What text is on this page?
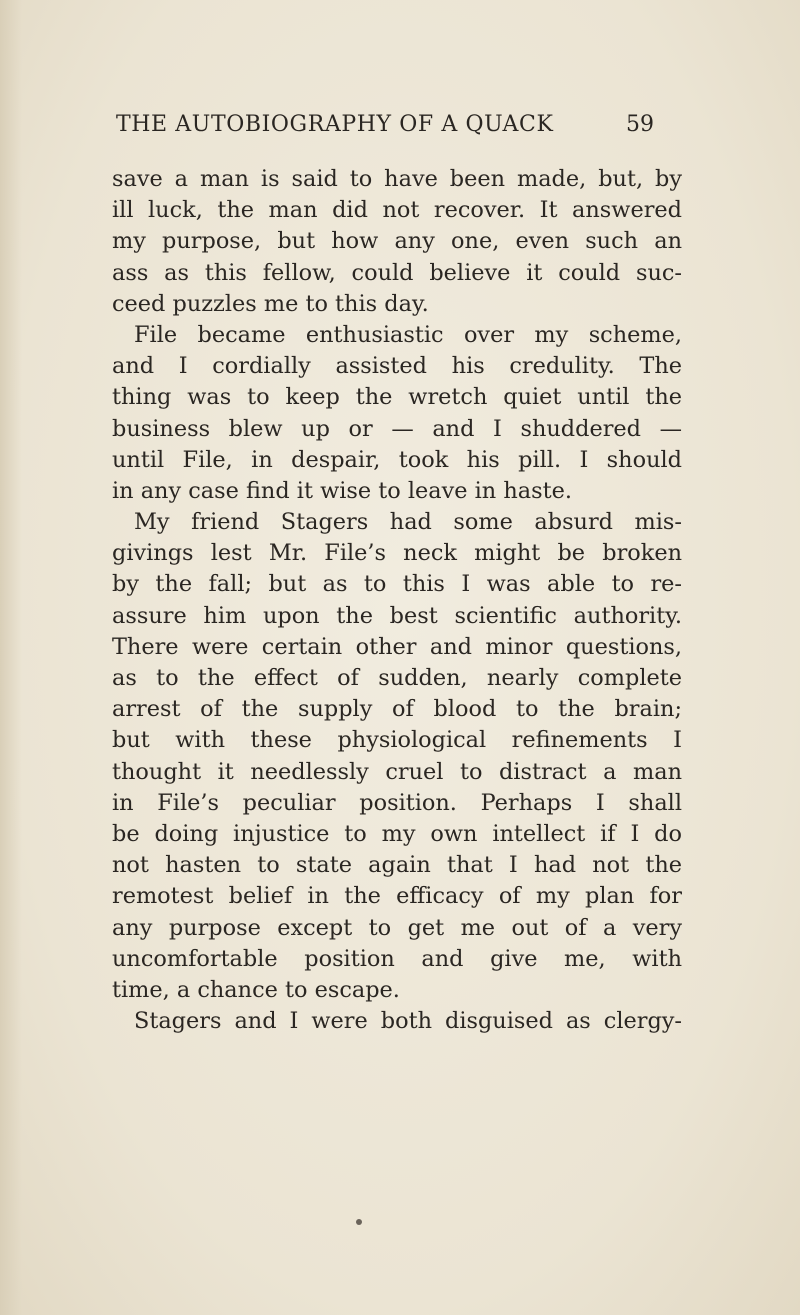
THE AUTOBIOGRAPHY OF A QUACK	59
save a man is said to have been made, but, by
ill luck, the man did not recover. It answered
my purpose, but how any one, even such an
ass as this fellow, could believe it could suc-
ceed puzzles me to this day.
File became enthusiastic over my scheme,
and I cordially assisted his credulity. The
thing was to keep the wretch quiet until the
business blew up or — and I shuddered —
until File, in despair, took his pill. I should
in any case find it wise to leave in haste.
My friend Stagers had some absurd mis-
givings lest Mr. File’s neck might be broken
by the fall; but as to this I was able to re-
assure him upon the best scientific authority.
There were certain other and minor questions,
as to the effect of sudden, nearly complete
arrest of the supply of blood to the brain;
but with these physiological refinements I
thought it needlessly cruel to distract a man
in File’s peculiar position. Perhaps I shall
be doing injustice to my own intellect if I do
not hasten to state again that I had not the
remotest belief in the efficacy of my plan for
any purpose except to get me out of a very
uncomfortable position and give me, with
time, a chance to escape.
Stagers and I were both disguised as clergy-
